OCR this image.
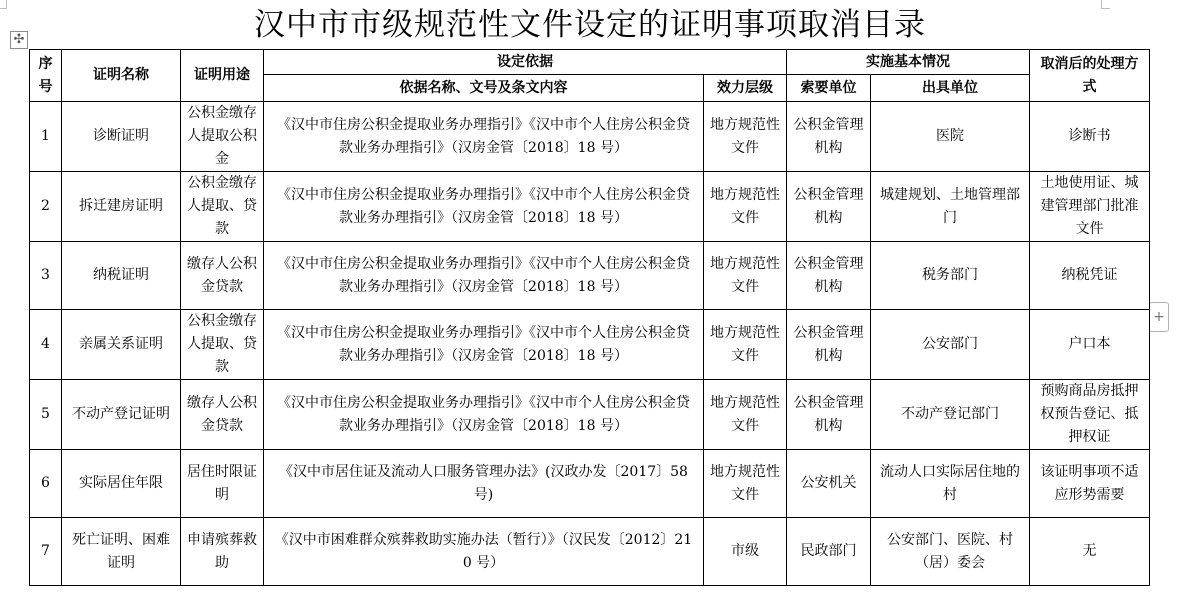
汉中市市级规范性文件设定的证明事项取消目录
✣
+
序号	证明名称	证明用途	设定依据		实施基本情况		取消后的处理方式
			依据名称、文号及条文内容	效力层级	索要单位	出具单位	
1	诊断证明	公积金缴存人提取公积金	《汉中市住房公积金提取业务办理指引》《汉中市个人住房公积金贷款业务办理指引》（汉房金管〔2018〕18 号）	地方规范性文件	公积金管理机构	医院	诊断书
2	拆迁建房证明	公积金缴存人提取、贷款	《汉中市住房公积金提取业务办理指引》《汉中市个人住房公积金贷款业务办理指引》（汉房金管〔2018〕18 号）	地方规范性文件	公积金管理机构	城建规划、土地管理部门	土地使用证、城建管理部门批准文件
3	纳税证明	缴存人公积金贷款	《汉中市住房公积金提取业务办理指引》《汉中市个人住房公积金贷款业务办理指引》（汉房金管〔2018〕18 号）	地方规范性文件	公积金管理机构	税务部门	纳税凭证
4	亲属关系证明	公积金缴存人提取、贷款	《汉中市住房公积金提取业务办理指引》《汉中市个人住房公积金贷款业务办理指引》（汉房金管〔2018〕18 号）	地方规范性文件	公积金管理机构	公安部门	户口本
5	不动产登记证明	缴存人公积金贷款	《汉中市住房公积金提取业务办理指引》《汉中市个人住房公积金贷款业务办理指引》（汉房金管〔2018〕18 号）	地方规范性文件	公积金管理机构	不动产登记部门	预购商品房抵押权预告登记、抵押权证
6	实际居住年限	居住时限证明	《汉中市居住证及流动人口服务管理办法》(汉政办发〔2017〕58 号)	地方规范性文件	公安机关	流动人口实际居住地的村	该证明事项不适应形势需要
7	死亡证明、困难证明	申请殡葬救助	《汉中市困难群众殡葬救助实施办法（暂行）》（汉民发〔2012〕210 号）	市级	民政部门	公安部门、医院、村（居）委会	无
